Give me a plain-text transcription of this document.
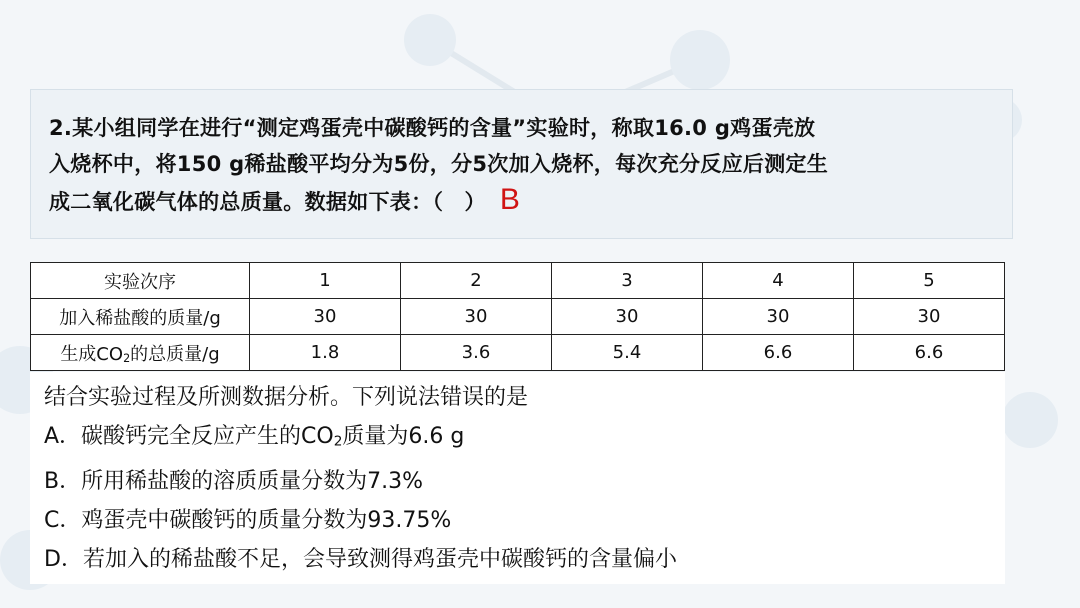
2.某小组同学在进行“测定鸡蛋壳中碳酸钙的含量”实验时，称取16.0 g鸡蛋壳放
入烧杯中，将150 g稀盐酸平均分为5份，分5次加入烧杯，每次充分反应后测定生
成二氧化碳气体的总质量。数据如下表：（　） B
实验次序	1	2	3	4	5
加入稀盐酸的质量/g	30	30	30	30	30
生成$CO_2$的总质量/g	1.8	3.6	5.4	6.6	6.6
结合实验过程及所测数据分析。下列说法错误的是
A．碳酸钙完全反应产生的$CO_2$质量为6.6 g
B．所用稀盐酸的溶质质量分数为7.3%
C．鸡蛋壳中碳酸钙的质量分数为93.75%
D．若加入的稀盐酸不足，会导致测得鸡蛋壳中碳酸钙的含量偏小
